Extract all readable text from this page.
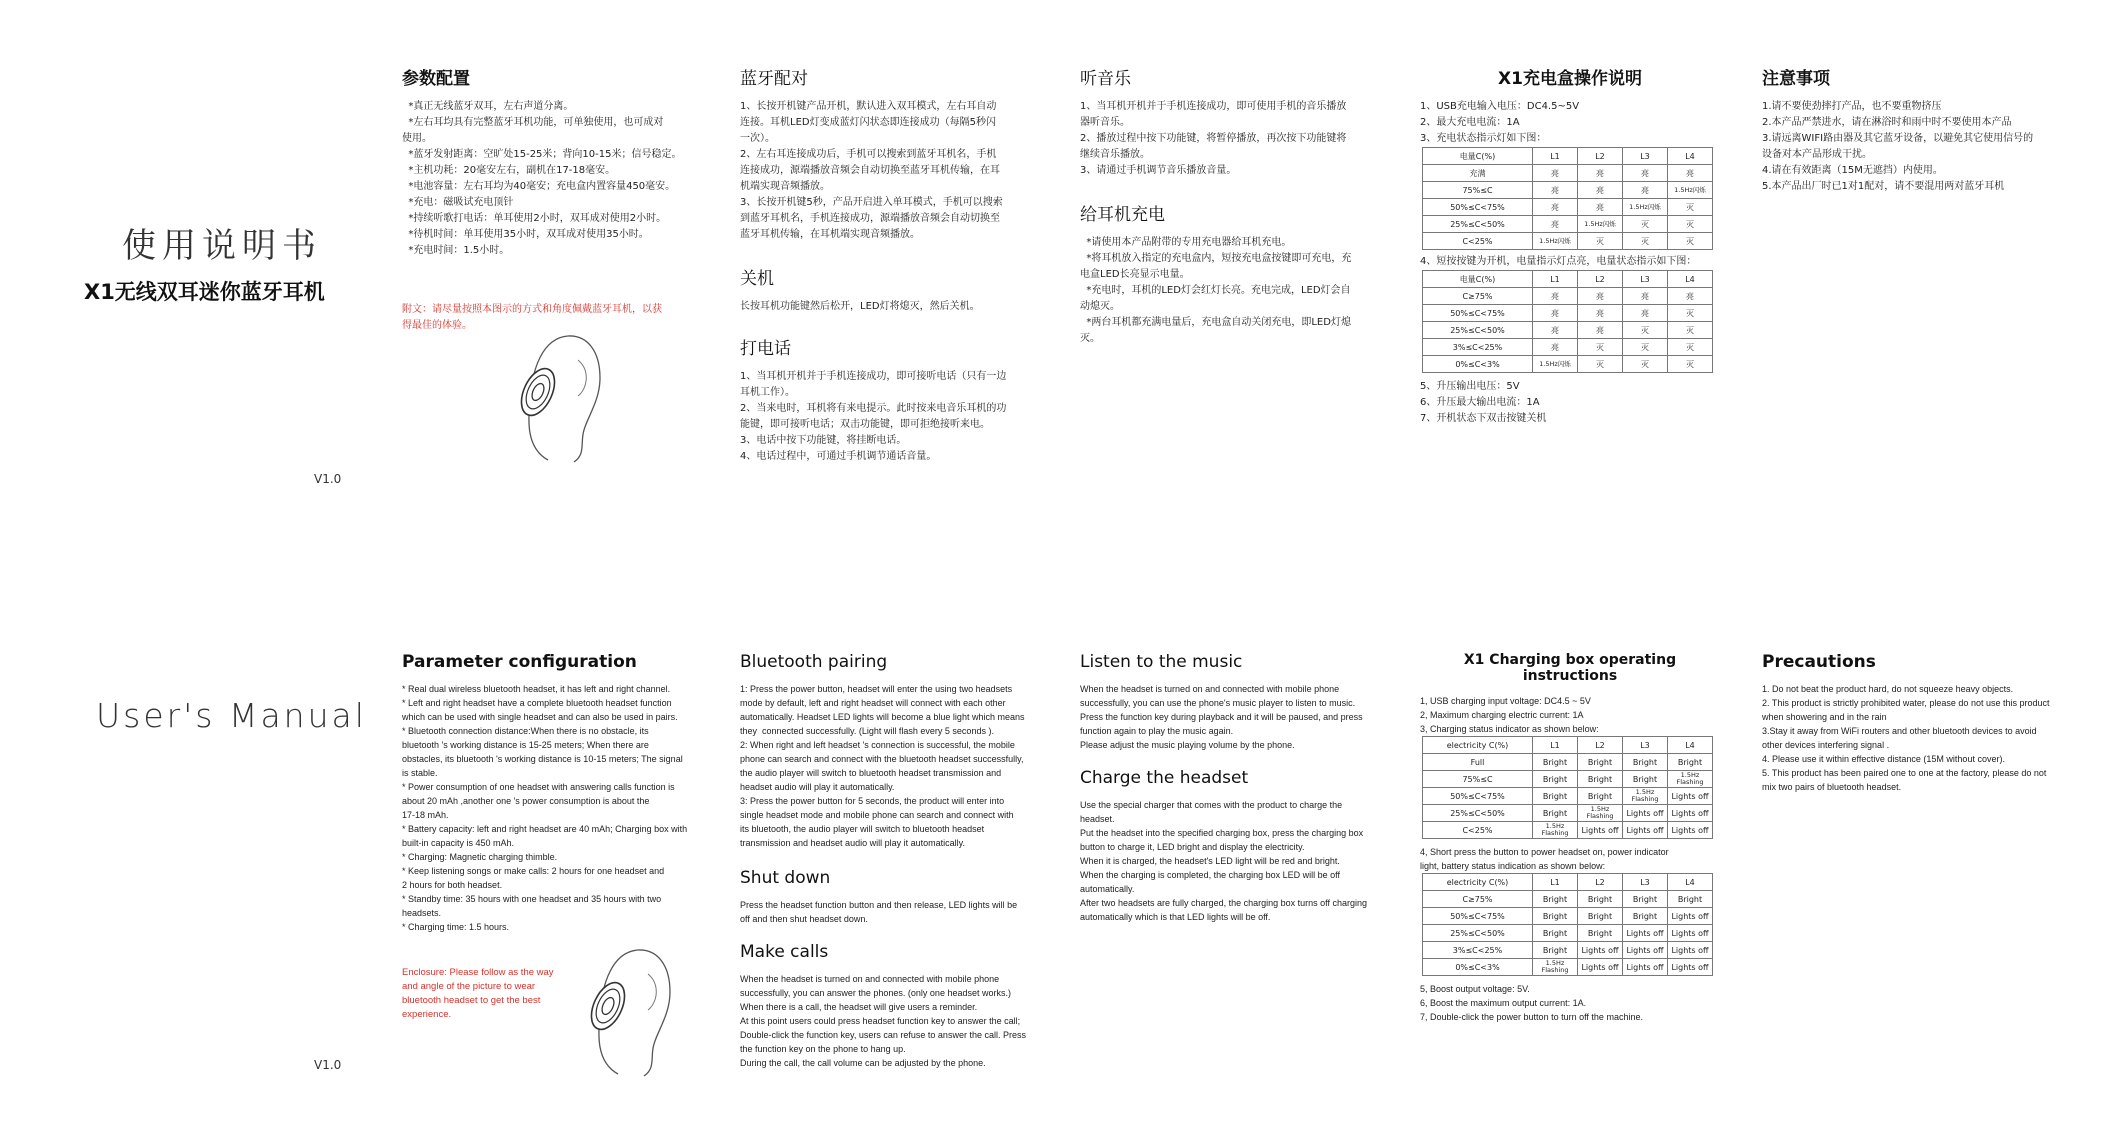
使用说明书
X1无线双耳迷你蓝牙耳机
V1.0
参数配置

*真正无线蓝牙双耳，左右声道分离。
*左右耳均具有完整蓝牙耳机功能，可单独使用，也可成对
使用。
*蓝牙发射距离：空旷处15-25米；背向10-15米；信号稳定。
*主机功耗：20毫安左右，副机在17-18毫安。
*电池容量：左右耳均为40毫安；充电盒内置容量450毫安。
*充电：磁吸试充电顶针
*持续听歌打电话：单耳使用2小时，双耳成对使用2小时。
*待机时间：单耳使用35小时，双耳成对使用35小时。
*充电时间：1.5小时。

附文：请尽量按照本图示的方式和角度佩戴蓝牙耳机，以获
得最佳的体验。
蓝牙配对

1、长按开机键产品开机，默认进入双耳模式，左右耳自动
连接。耳机LED灯变成蓝灯闪状态即连接成功（每隔5秒闪
一次）。
2、左右耳连接成功后，手机可以搜索到蓝牙耳机名，手机
连接成功，源端播放音频会自动切换至蓝牙耳机传输，在耳
机端实现音频播放。
3、长按开机键5秒，产品开启进入单耳模式，手机可以搜索
到蓝牙耳机名，手机连接成功，源端播放音频会自动切换至
蓝牙耳机传输，在耳机端实现音频播放。

关机

长按耳机功能键然后松开，LED灯将熄灭，然后关机。

打电话

1、当耳机开机并于手机连接成功，即可接听电话（只有一边
耳机工作）。
2、当来电时，耳机将有来电提示。此时按来电音乐耳机的功
能键，即可接听电话；双击功能键，即可拒绝接听来电。
3、电话中按下功能键，将挂断电话。
4、电话过程中，可通过手机调节通话音量。

听音乐

1、当耳机开机并于手机连接成功，即可使用手机的音乐播放
器听音乐。
2、播放过程中按下功能键，将暂停播放，再次按下功能键将
继续音乐播放。
3、请通过手机调节音乐播放音量。

给耳机充电

*请使用本产品附带的专用充电器给耳机充电。
*将耳机放入指定的充电盒内，短按充电盒按键即可充电，充
电盒LED长亮显示电量。
*充电时，耳机的LED灯会红灯长亮。充电完成，LED灯会自
动熄灭。
*两台耳机都充满电量后，充电盒自动关闭充电，即LED灯熄
灭。

X1充电盒操作说明

1、USB充电输入电压：DC4.5~5V
2、最大充电电流：1A
3、充电状态指示灯如下图：

电量C(%)	L1	L2	L3	L4
充满	亮	亮	亮	亮
75%≤C	亮	亮	亮	1.5Hz闪烁
50%≤C<75%	亮	亮	1.5Hz闪烁	灭
25%≤C<50%	亮	1.5Hz闪烁	灭	灭
C<25%	1.5Hz闪烁	灭	灭	灭

4、短按按键为开机，电量指示灯点亮，电量状态指示如下图：

电量C(%)	L1	L2	L3	L4
C≥75%	亮	亮	亮	亮
50%≤C<75%	亮	亮	亮	灭
25%≤C<50%	亮	亮	灭	灭
3%≤C<25%	亮	灭	灭	灭
0%≤C<3%	1.5Hz闪烁	灭	灭	灭

5、升压输出电压：5V
6、升压最大输出电流：1A
7、开机状态下双击按键关机

注意事项

1.请不要使劲摔打产品，也不要重物挤压
2.本产品严禁进水，请在淋浴时和雨中时不要使用本产品
3.请远离WIFI路由器及其它蓝牙设备，以避免其它使用信号的
设备对本产品形成干扰。
4.请在有效距离（15M无遮挡）内使用。
5.本产品出厂时已1对1配对，请不要混用两对蓝牙耳机

User's Manual
V1.0
Parameter configuration

* Real dual wireless bluetooth headset, it has left and right channel.
* Left and right headset have a complete bluetooth headset function
which can be used with single headset and can also be used in pairs.
* Bluetooth connection distance:When there is no obstacle, its
bluetooth 's working distance is 15-25 meters; When there are
obstacles, its bluetooth 's working distance is 10-15 meters; The signal
is stable.
* Power consumption of one headset with answering calls function is
about 20 mAh ,another one 's power consumption is about the
17-18 mAh.
* Battery capacity: left and right headset are 40 mAh; Charging box with
built-in capacity is 450 mAh.
* Charging: Magnetic charging thimble.
* Keep listening songs or make calls: 2 hours for one headset and
2 hours for both headset.
* Standby time: 35 hours with one headset and 35 hours with two
headsets.
* Charging time: 1.5 hours.

Enclosure: Please follow as the way
and angle of the picture to wear
bluetooth headset to get the best
experience.
Bluetooth pairing

1: Press the power button, headset will enter the using two headsets
mode by default, left and right headset will connect with each other
automatically. Headset LED lights will become a blue light which means
they  connected successfully. (Light will flash every 5 seconds ).
2: When right and left headset 's connection is successful, the mobile
phone can search and connect with the bluetooth headset successfully,
the audio player will switch to bluetooth headset transmission and
headset audio will play it automatically.
3: Press the power button for 5 seconds, the product will enter into
single headset mode and mobile phone can search and connect with
its bluetooth, the audio player will switch to bluetooth headset
transmission and headset audio will play it automatically.

Shut down

Press the headset function button and then release, LED lights will be
off and then shut headset down.

Make calls

When the headset is turned on and connected with mobile phone
successfully, you can answer the phones. (only one headset works.)
When there is a call, the headset will give users a reminder.
At this point users could press headset function key to answer the call;
Double-click the function key, users can refuse to answer the call. Press
the function key on the phone to hang up.
During the call, the call volume can be adjusted by the phone.

Listen to the music

When the headset is turned on and connected with mobile phone
successfully, you can use the phone's music player to listen to music.
Press the function key during playback and it will be paused, and press
function again to play the music again.
Please adjust the music playing volume by the phone.

Charge the headset

Use the special charger that comes with the product to charge the
headset.
Put the headset into the specified charging box, press the charging box
button to charge it, LED bright and display the electricity.
When it is charged, the headset's LED light will be red and bright.
When the charging is completed, the charging box LED will be off
automatically.
After two headsets are fully charged, the charging box turns off charging
automatically which is that LED lights will be off.

X1 Charging box operating instructions

1, USB charging input voltage: DC4.5 ~ 5V
2, Maximum charging electric current: 1A
3, Charging status indicator as shown below:

electricity C(%)	L1	L2	L3	L4
Full	Bright	Bright	Bright	Bright
75%≤C	Bright	Bright	Bright	1.5Hz Flashing
50%≤C<75%	Bright	Bright	1.5Hz Flashing	Lights off
25%≤C<50%	Bright	1.5Hz Flashing	Lights off	Lights off
C<25%	1.5Hz Flashing	Lights off	Lights off	Lights off

4, Short press the button to power headset on, power indicator
light, battery status indication as shown below:

electricity C(%)	L1	L2	L3	L4
C≥75%	Bright	Bright	Bright	Bright
50%≤C<75%	Bright	Bright	Bright	Lights off
25%≤C<50%	Bright	Bright	Lights off	Lights off
3%≤C<25%	Bright	Lights off	Lights off	Lights off
0%≤C<3%	1.5Hz Flashing	Lights off	Lights off	Lights off

5, Boost output voltage: 5V.
6, Boost the maximum output current: 1A.
7, Double-click the power button to turn off the machine.

Precautions

1. Do not beat the product hard, do not squeeze heavy objects.
2. This product is strictly prohibited water, please do not use this product
when showering and in the rain
3.Stay it away from WiFi routers and other bluetooth devices to avoid
other devices interfering signal .
4. Please use it within effective distance (15M without cover).
5. This product has been paired one to one at the factory, please do not
mix two pairs of bluetooth headset.
